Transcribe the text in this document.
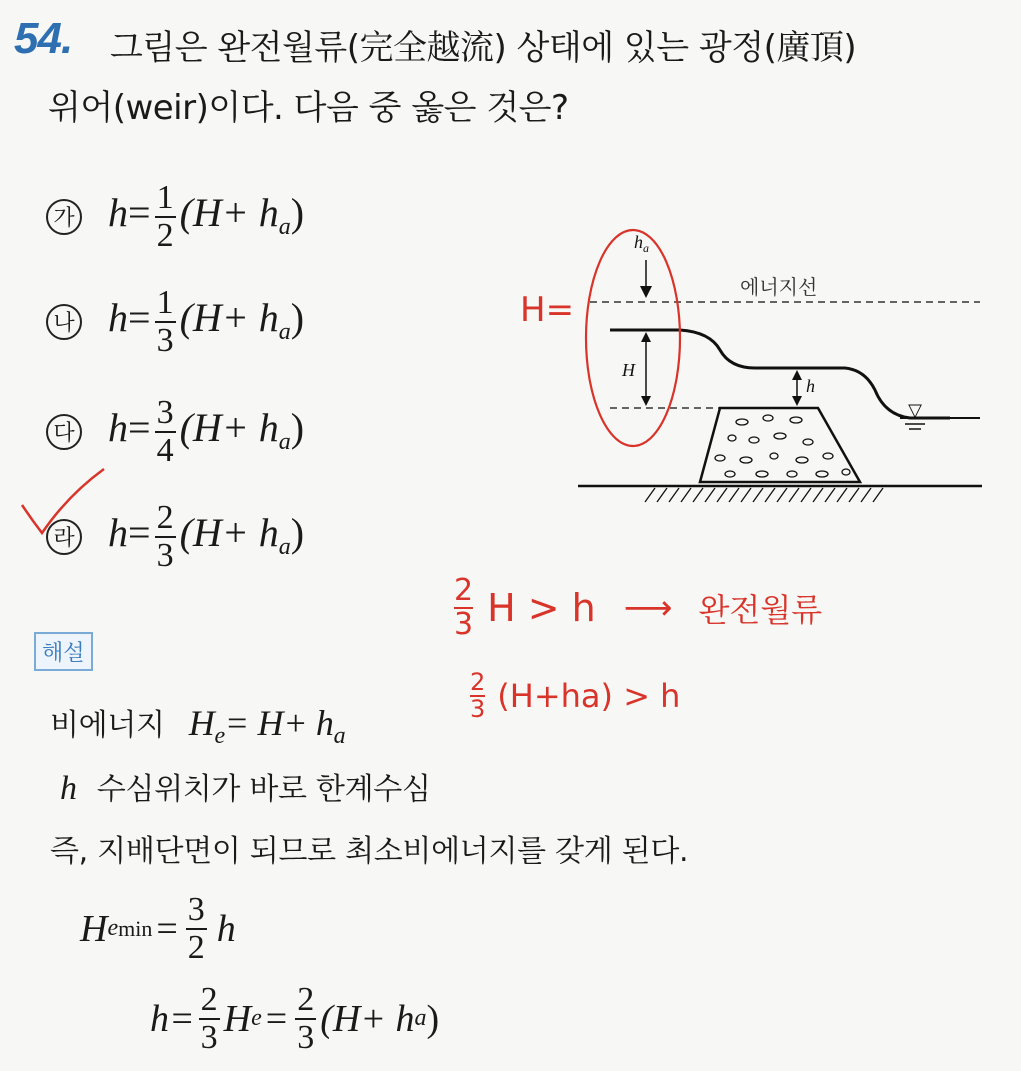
54. 그림은 완전월류(完全越流) 상태에 있는 광정(廣頂)
위어(weir)이다. 다음 중 옳은 것은?
가 $h= \frac{1}{2} (H+ h_a)$
나 $h= \frac{1}{3} (H+ h_a)$
다 $h= \frac{3}{4} (H+ h_a)$
라 $h= \frac{2}{3} (H+ h_a)$
▽
$h_a$
H
h
에너지선
H=
$\frac{2}{3}$ H > h ⟶ 완전월류
$\frac{2}{3} (H+ha) > h$
해설
비에너지 $H_e= H+ h_a$
h 수심위치가 바로 한계수심
즉, 지배단면이 되므로 최소비에너지를 갖게 된다.
H e $\min = \frac{3}{2}$ h
$h= \frac{2}{3}$ H $e = \frac{2}{3} (H+ h$ a )
